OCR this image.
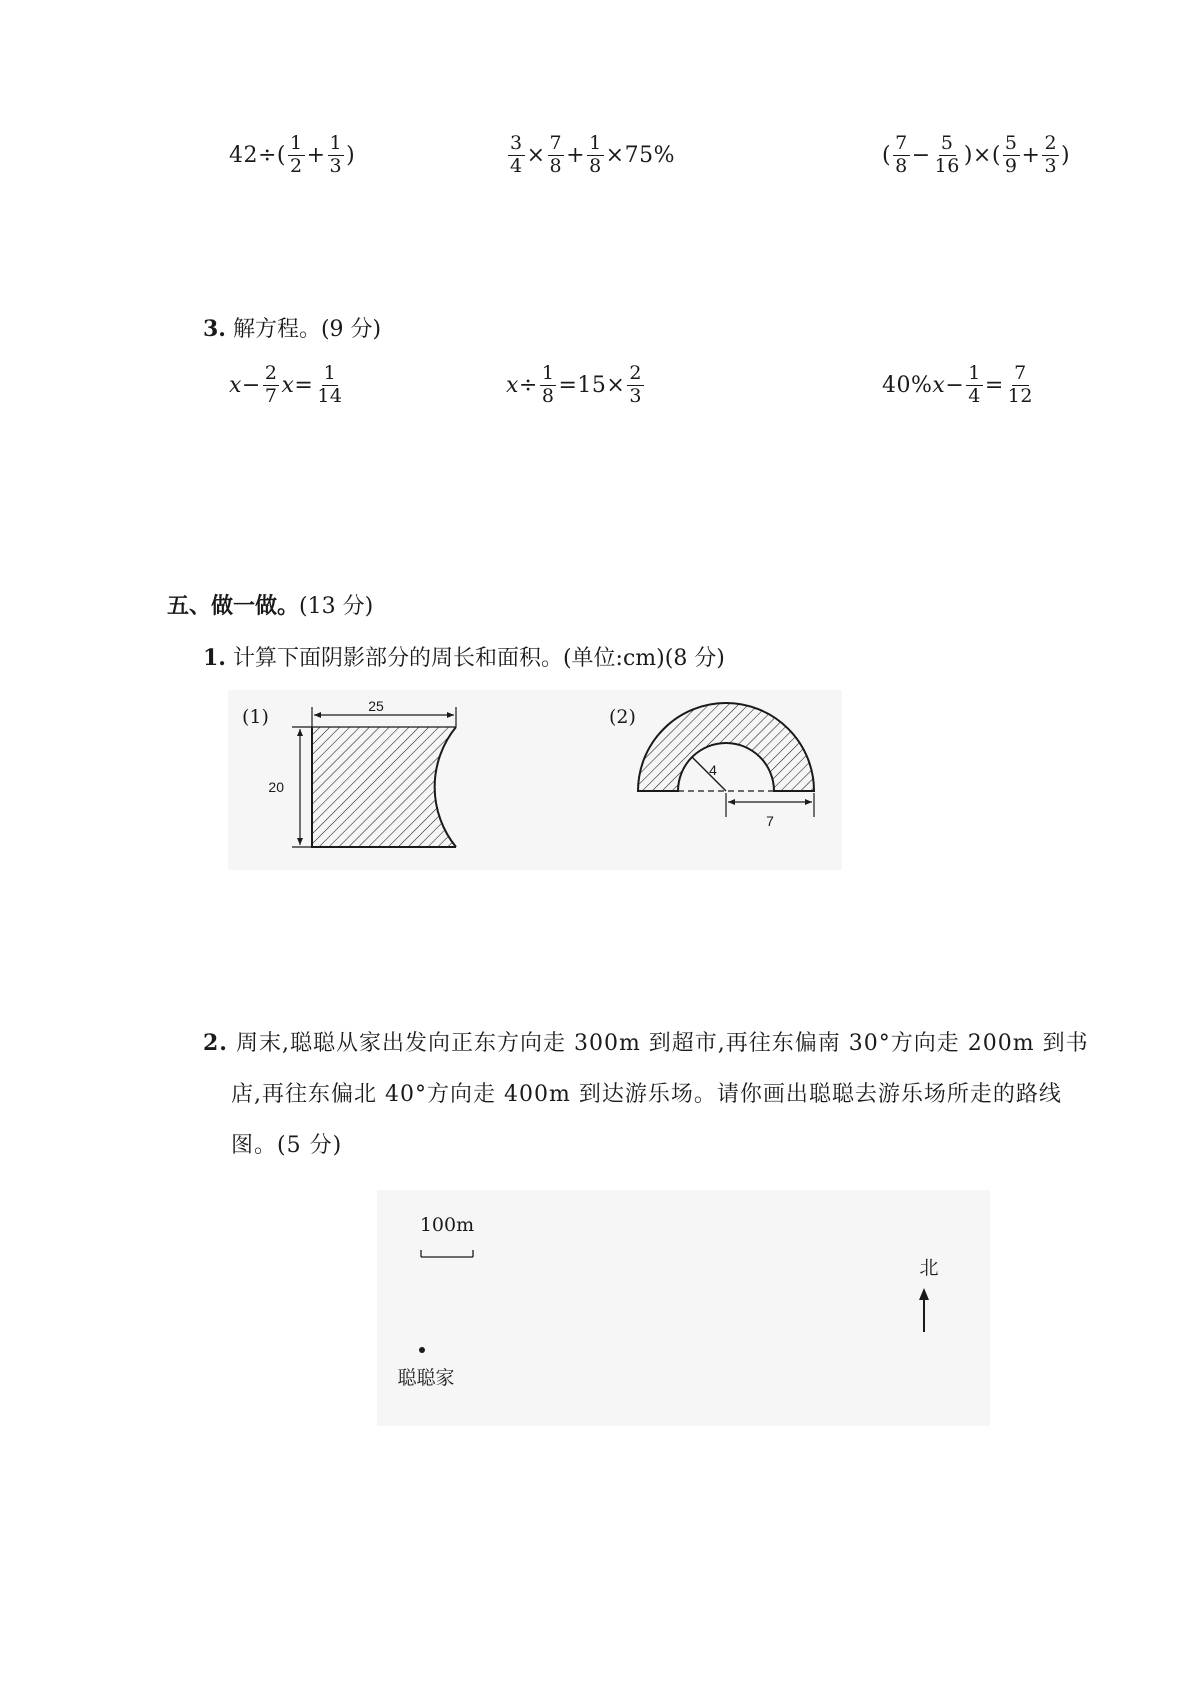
$42\div( \frac{1}{2} + \frac{1}{3}$ )	$\frac{3}{4} \times \frac{7}{8} + \frac{1}{8} \times 75\%$	( $\frac{7}{8} - \frac{5}{16}$ )×( $\frac{5}{9} + \frac{2}{3}$ )
3. 解方程。(9 分)
$x - \frac{2}{7}$ $x = \frac{1}{14}$	$x \div \frac{1}{8} =15\times \frac{2}{3}$	40% $x - \frac{1}{4} = \frac{7}{12}$
五、做一做。(13 分)
1. 计算下面阴影部分的周长和面积。(单位:cm)(8 分)
(1)	25
20
(2)
4
7
2. 周末,聪聪从家出发向正东方向走 300m 到超市,再往东偏南 30°方向走 200m 到书
店,再往东偏北 40°方向走 400m 到达游乐场。请你画出聪聪去游乐场所走的路线
图。(5 分)
100m
北
聪聪家
